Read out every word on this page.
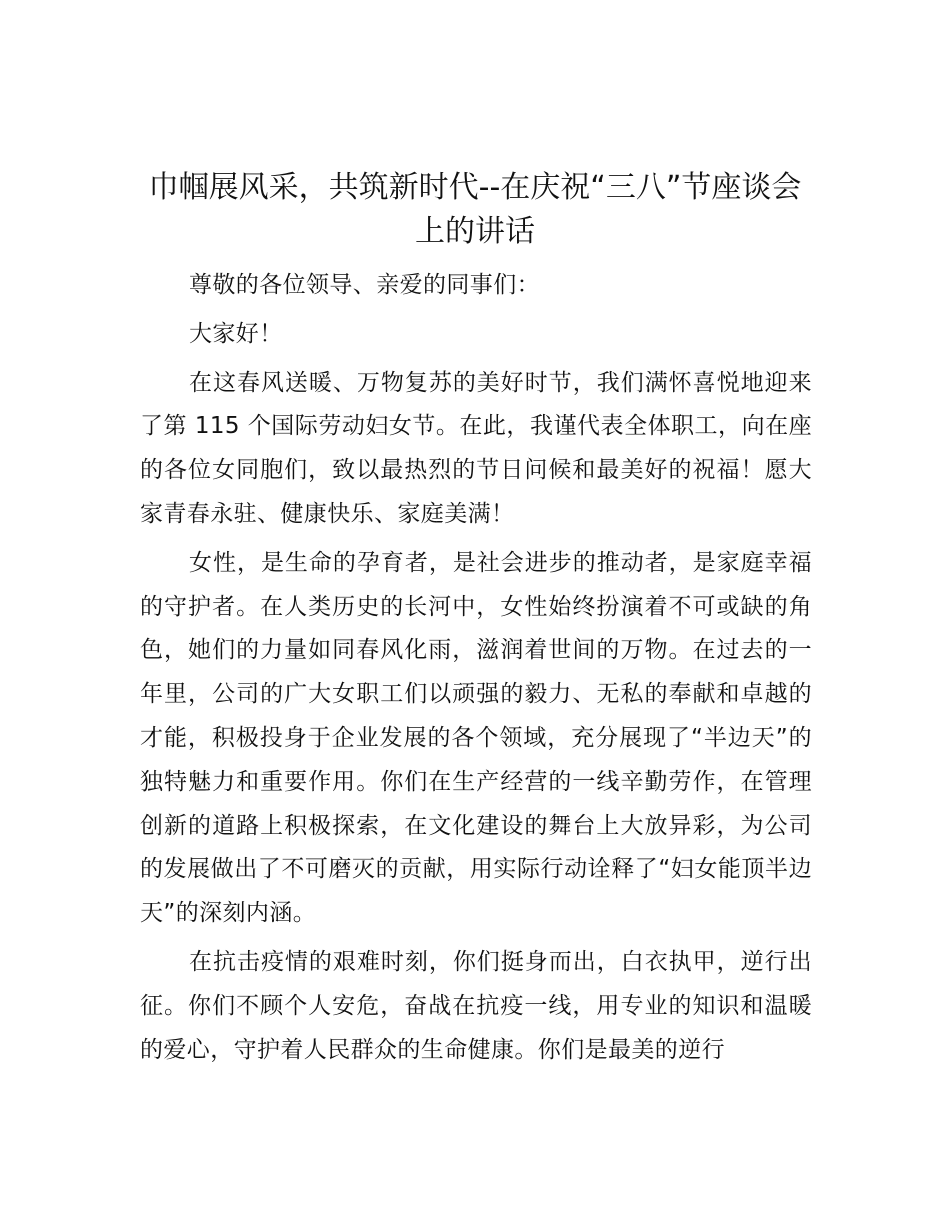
巾帼展风采，共筑新时代--在庆祝“三八”节座谈会上的讲话

尊敬的各位领导、亲爱的同事们：

大家好！

在这春风送暖、万物复苏的美好时节，我们满怀喜悦地迎来了第 115 个国际劳动妇女节。在此，我谨代表全体职工，向在座的各位女同胞们，致以最热烈的节日问候和最美好的祝福！愿大家青春永驻、健康快乐、家庭美满！

女性，是生命的孕育者，是社会进步的推动者，是家庭幸福的守护者。在人类历史的长河中，女性始终扮演着不可或缺的角色，她们的力量如同春风化雨，滋润着世间的万物。在过去的一年里，公司的广大女职工们以顽强的毅力、无私的奉献和卓越的才能，积极投身于企业发展的各个领域，充分展现了“半边天”的独特魅力和重要作用。你们在生产经营的一线辛勤劳作，在管理创新的道路上积极探索，在文化建设的舞台上大放异彩，为公司的发展做出了不可磨灭的贡献，用实际行动诠释了“妇女能顶半边天”的深刻内涵。

在抗击疫情的艰难时刻，你们挺身而出，白衣执甲，逆行出征。你们不顾个人安危，奋战在抗疫一线，用专业的知识和温暖的爱心，守护着人民群众的生命健康。你们是最美的逆行
